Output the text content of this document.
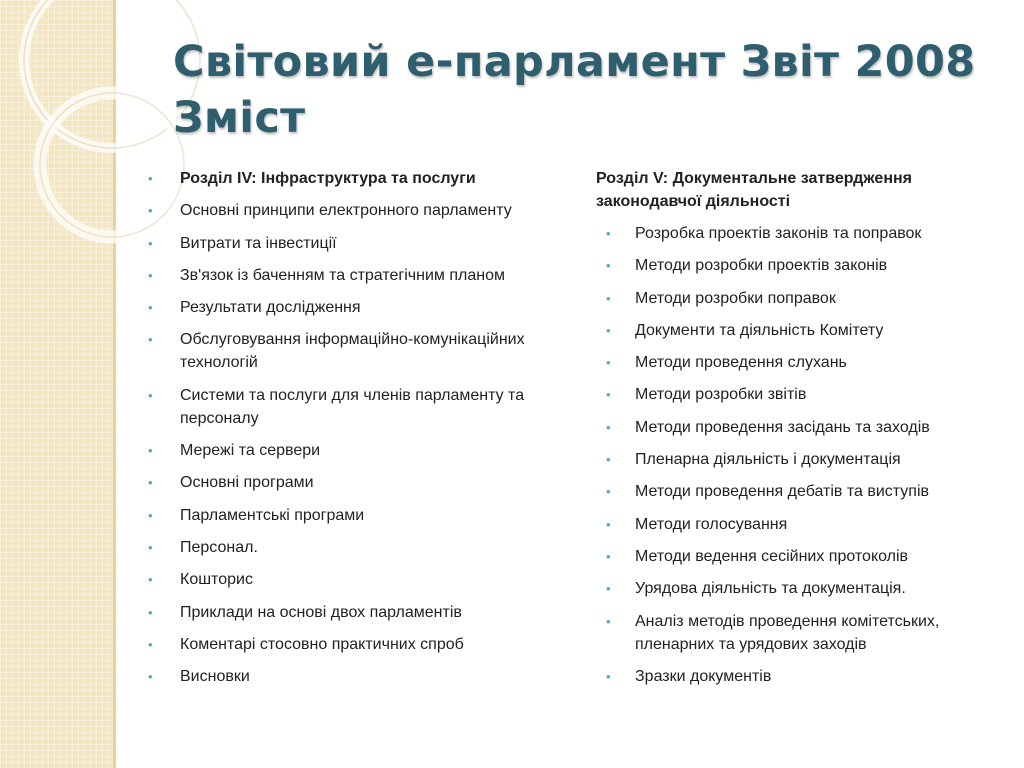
Світовий е-парламент Звіт 2008
Зміст
• Розділ IV: Інфраструктура та послуги
• Основні принципи електронного парламенту
• Витрати та інвестиції
• Зв'язок із баченням та стратегічним планом
• Результати дослідження
• Обслуговування інформаційно-комунікаційних технологій
• Системи та послуги для членів парламенту та персоналу
• Мережі та сервери
• Основні програми
• Парламентські програми
• Персонал.
• Кошторис
• Приклади на основі двох парламентів
• Коментарі стосовно практичних спроб
• Висновки

Розділ V: Документальне затвердження законодавчої діяльності

• Розробка проектів законів та поправок
• Методи розробки проектів законів
• Методи розробки поправок
• Документи та діяльність Комітету
• Методи проведення слухань
• Методи розробки звітів
• Методи проведення засідань та заходів
• Пленарна діяльність і документація
• Методи проведення дебатів та виступів
• Методи голосування
• Методи ведення сесійних протоколів
• Урядова діяльність та документація.
• Аналіз методів проведення комітетських, пленарних та урядових заходів
• Зразки документів
